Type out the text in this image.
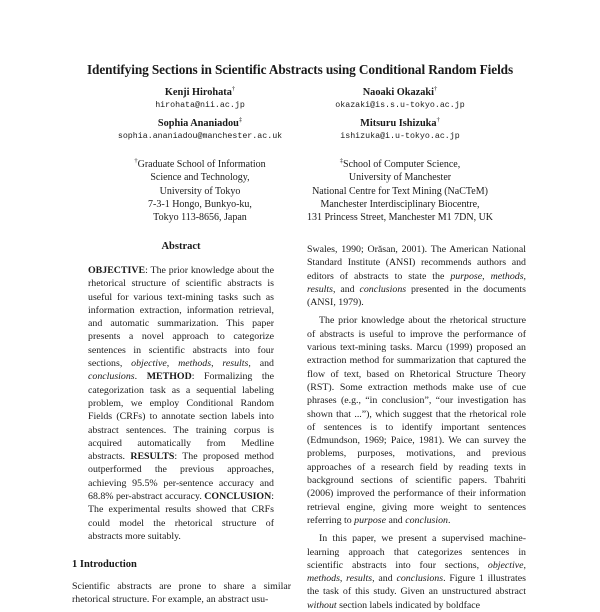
Identifying Sections in Scientific Abstracts using Conditional Random Fields
Kenji Hirohata†
hirohata@nii.ac.jp
Naoaki Okazaki†
okazaki@is.s.u-tokyo.ac.jp
Sophia Ananiadou‡
sophia.ananiadou@manchester.ac.uk
Mitsuru Ishizuka†
ishizuka@i.u-tokyo.ac.jp
†Graduate School of Information
Science and Technology,
University of Tokyo
7-3-1 Hongo, Bunkyo-ku,
Tokyo 113-8656, Japan
‡School of Computer Science,
University of Manchester
National Centre for Text Mining (NaCTeM)
Manchester Interdisciplinary Biocentre,
131 Princess Street, Manchester M1 7DN, UK
Abstract
OBJECTIVE: The prior knowledge about the rhetorical structure of scientific abstracts is useful for various text-mining tasks such as information extraction, information retrieval, and automatic summarization. This paper presents a novel approach to categorize sentences in scientific abstracts into four sections, objective, methods, results, and conclusions. METHOD: Formalizing the categorization task as a sequential labeling problem, we employ Conditional Random Fields (CRFs) to annotate section labels into abstract sentences. The training corpus is acquired automatically from Medline abstracts. RESULTS: The proposed method outperformed the previous approaches, achieving 95.5% per-sentence accuracy and 68.8% per-abstract accuracy. CONCLUSION: The experimental results showed that CRFs could model the rhetorical structure of abstracts more suitably.
1 Introduction
Scientific abstracts are prone to share a similar rhetorical structure. For example, an abstract usu-

Swales, 1990; Orăsan, 2001). The American National Standard Institute (ANSI) recommends authors and editors of abstracts to state the purpose, methods, results, and conclusions presented in the documents (ANSI, 1979).

The prior knowledge about the rhetorical structure of abstracts is useful to improve the performance of various text-mining tasks. Marcu (1999) proposed an extraction method for summarization that captured the flow of text, based on Rhetorical Structure Theory (RST). Some extraction methods make use of cue phrases (e.g., “in conclusion”, “our investigation has shown that ...”), which suggest that the rhetorical role of sentences is to identify important sentences (Edmundson, 1969; Paice, 1981). We can survey the problems, purposes, motivations, and previous approaches of a research field by reading texts in background sections of scientific papers. Tbahriti (2006) improved the performance of their information retrieval engine, giving more weight to sentences referring to purpose and conclusion.

In this paper, we present a supervised machine-learning approach that categorizes sentences in scientific abstracts into four sections, objective, methods, results, and conclusions. Figure 1 illustrates the task of this study. Given an unstructured abstract without section labels indicated by boldface
